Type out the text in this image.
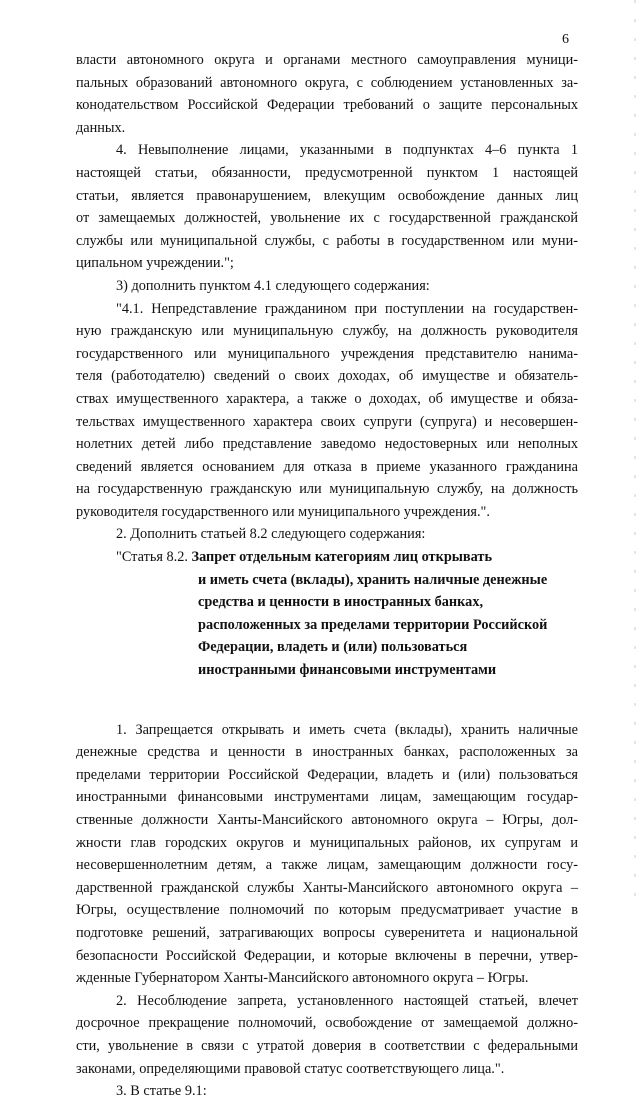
6
власти автономного округа и органами местного самоуправления муници-
пальных образований автономного округа, с соблюдением установленных за-
конодательством Российской Федерации требований о защите персональных
данных.
4. Невыполнение лицами, указанными в подпунктах 4–6 пункта 1
настоящей статьи, обязанности, предусмотренной пунктом 1 настоящей
статьи, является правонарушением, влекущим освобождение данных лиц
от замещаемых должностей, увольнение их с государственной гражданской
службы или муниципальной службы, с работы в государственном или муни-
ципальном учреждении.";
3) дополнить пунктом 4.1 следующего содержания:
"4.1. Непредставление гражданином при поступлении на государствен-
ную гражданскую или муниципальную службу, на должность руководителя
государственного или муниципального учреждения представителю нанима-
теля (работодателю) сведений о своих доходах, об имуществе и обязатель-
ствах имущественного характера, а также о доходах, об имуществе и обяза-
тельствах имущественного характера своих супруги (супруга) и несовершен-
нолетних детей либо представление заведомо недостоверных или неполных
сведений является основанием для отказа в приеме указанного гражданина
на государственную гражданскую или муниципальную службу, на должность
руководителя государственного или муниципального учреждения.".
2. Дополнить статьей 8.2 следующего содержания:
"Статья 8.2. Запрет отдельным категориям лиц открывать
и иметь счета (вклады), хранить наличные денежные
средства и ценности в иностранных банках,
расположенных за пределами территории Российской
Федерации, владеть и (или) пользоваться
иностранными финансовыми инструментами
1. Запрещается открывать и иметь счета (вклады), хранить наличные
денежные средства и ценности в иностранных банках, расположенных за
пределами территории Российской Федерации, владеть и (или) пользоваться
иностранными финансовыми инструментами лицам, замещающим государ-
ственные должности Ханты-Мансийского автономного округа – Югры, дол-
жности глав городских округов и муниципальных районов, их супругам и
несовершеннолетним детям, а также лицам, замещающим должности госу-
дарственной гражданской службы Ханты-Мансийского автономного округа –
Югры, осуществление полномочий по которым предусматривает участие в
подготовке решений, затрагивающих вопросы суверенитета и национальной
безопасности Российской Федерации, и которые включены в перечни, утвер-
жденные Губернатором Ханты-Мансийского автономного округа – Югры.
2. Несоблюдение запрета, установленного настоящей статьей, влечет
досрочное прекращение полномочий, освобождение от замещаемой должно-
сти, увольнение в связи с утратой доверия в соответствии с федеральными
законами, определяющими правовой статус соответствующего лица.".
3. В статье 9.1:
